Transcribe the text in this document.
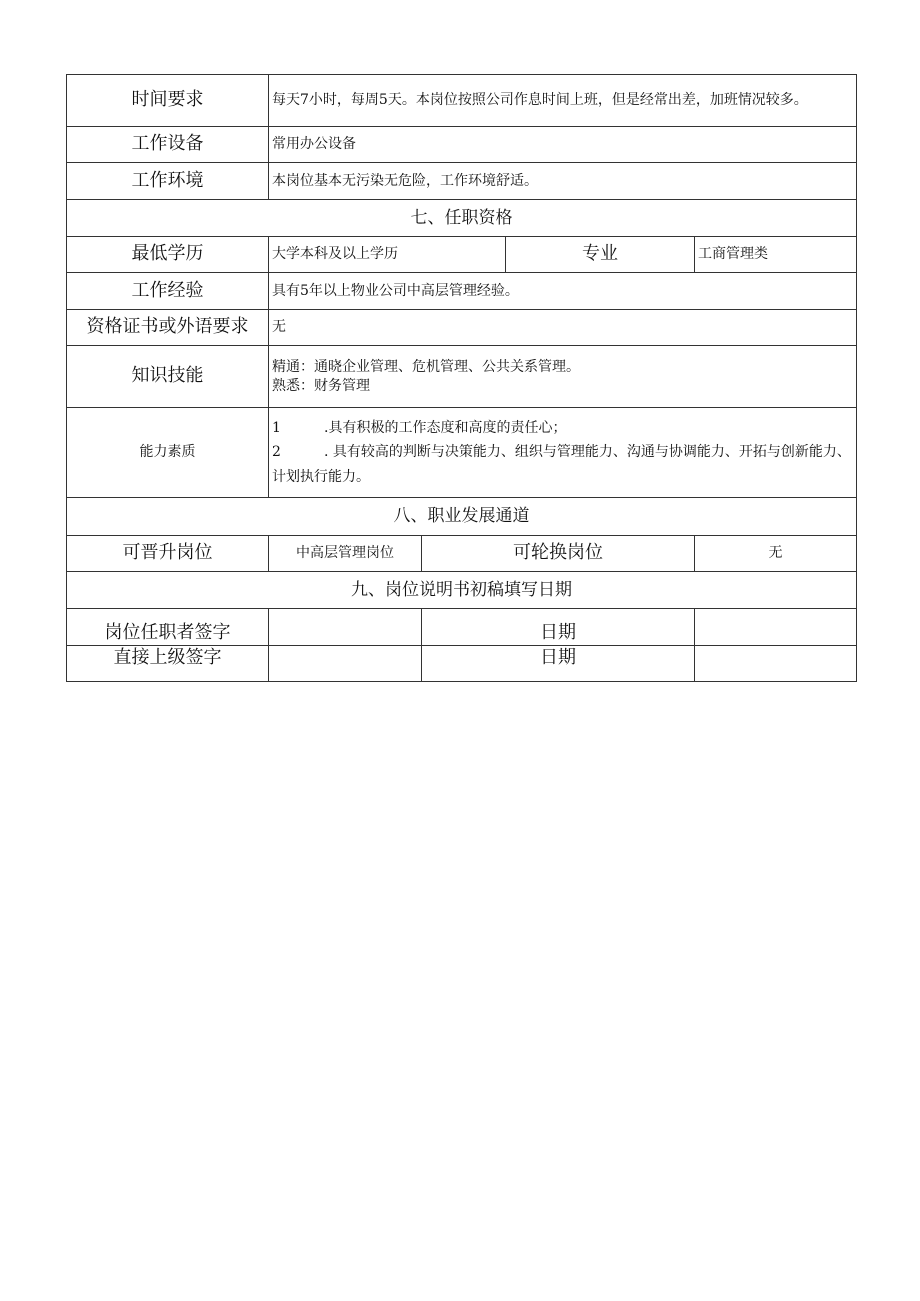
时间要求	每天7小时，每周5天。本岗位按照公司作息时间上班，但是经常出差，加班情况较多。			
工作设备	常用办公设备			
工作环境	本岗位基本无污染无危险，工作环境舒适。			
七、任职资格				
最低学历	大学本科及以上学历		专业	工商管理类
工作经验	具有5年以上物业公司中高层管理经验。			
资格证书或外语要求	无			
知识技能	精通：通晓企业管理、危机管理、公共关系管理。
熟悉：财务管理			

能力素质	1 .具有积极的工作态度和高度的责任心；
2 . 具有较高的判断与决策能力、组织与管理能力、沟通与协调能力、开拓与创新能力、计划执行能力。			

八、职业发展通道				
可晋升岗位	中高层管理岗位	可轮换岗位		无
九、岗位说明书初稿填写日期				
岗位任职者签字		日期		
直接上级签字		日期		
